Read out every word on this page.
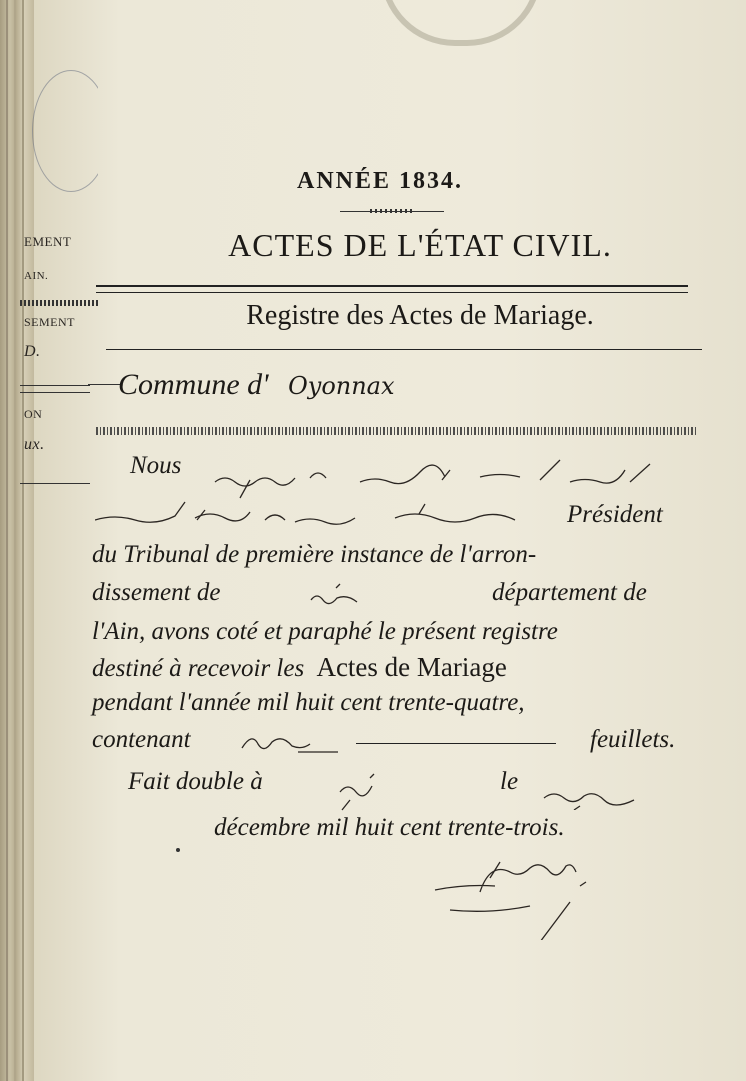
EMENT
AIN.
SEMENT
D.
ON
ux.
ANNÉE 1834.
ACTES DE L'ÉTAT CIVIL.
Registre des Actes de Mariage.
Commune d' Oyonnax
Nous
Président
du Tribunal de première instance de l'arron-
dissement de	département de
l'Ain, avons coté et paraphé le présent registre
destiné à recevoir les Actes de Mariage
pendant l'année mil huit cent trente-quatre,
contenant	feuillets.
Fait double à	le
décembre mil huit cent trente-trois.
